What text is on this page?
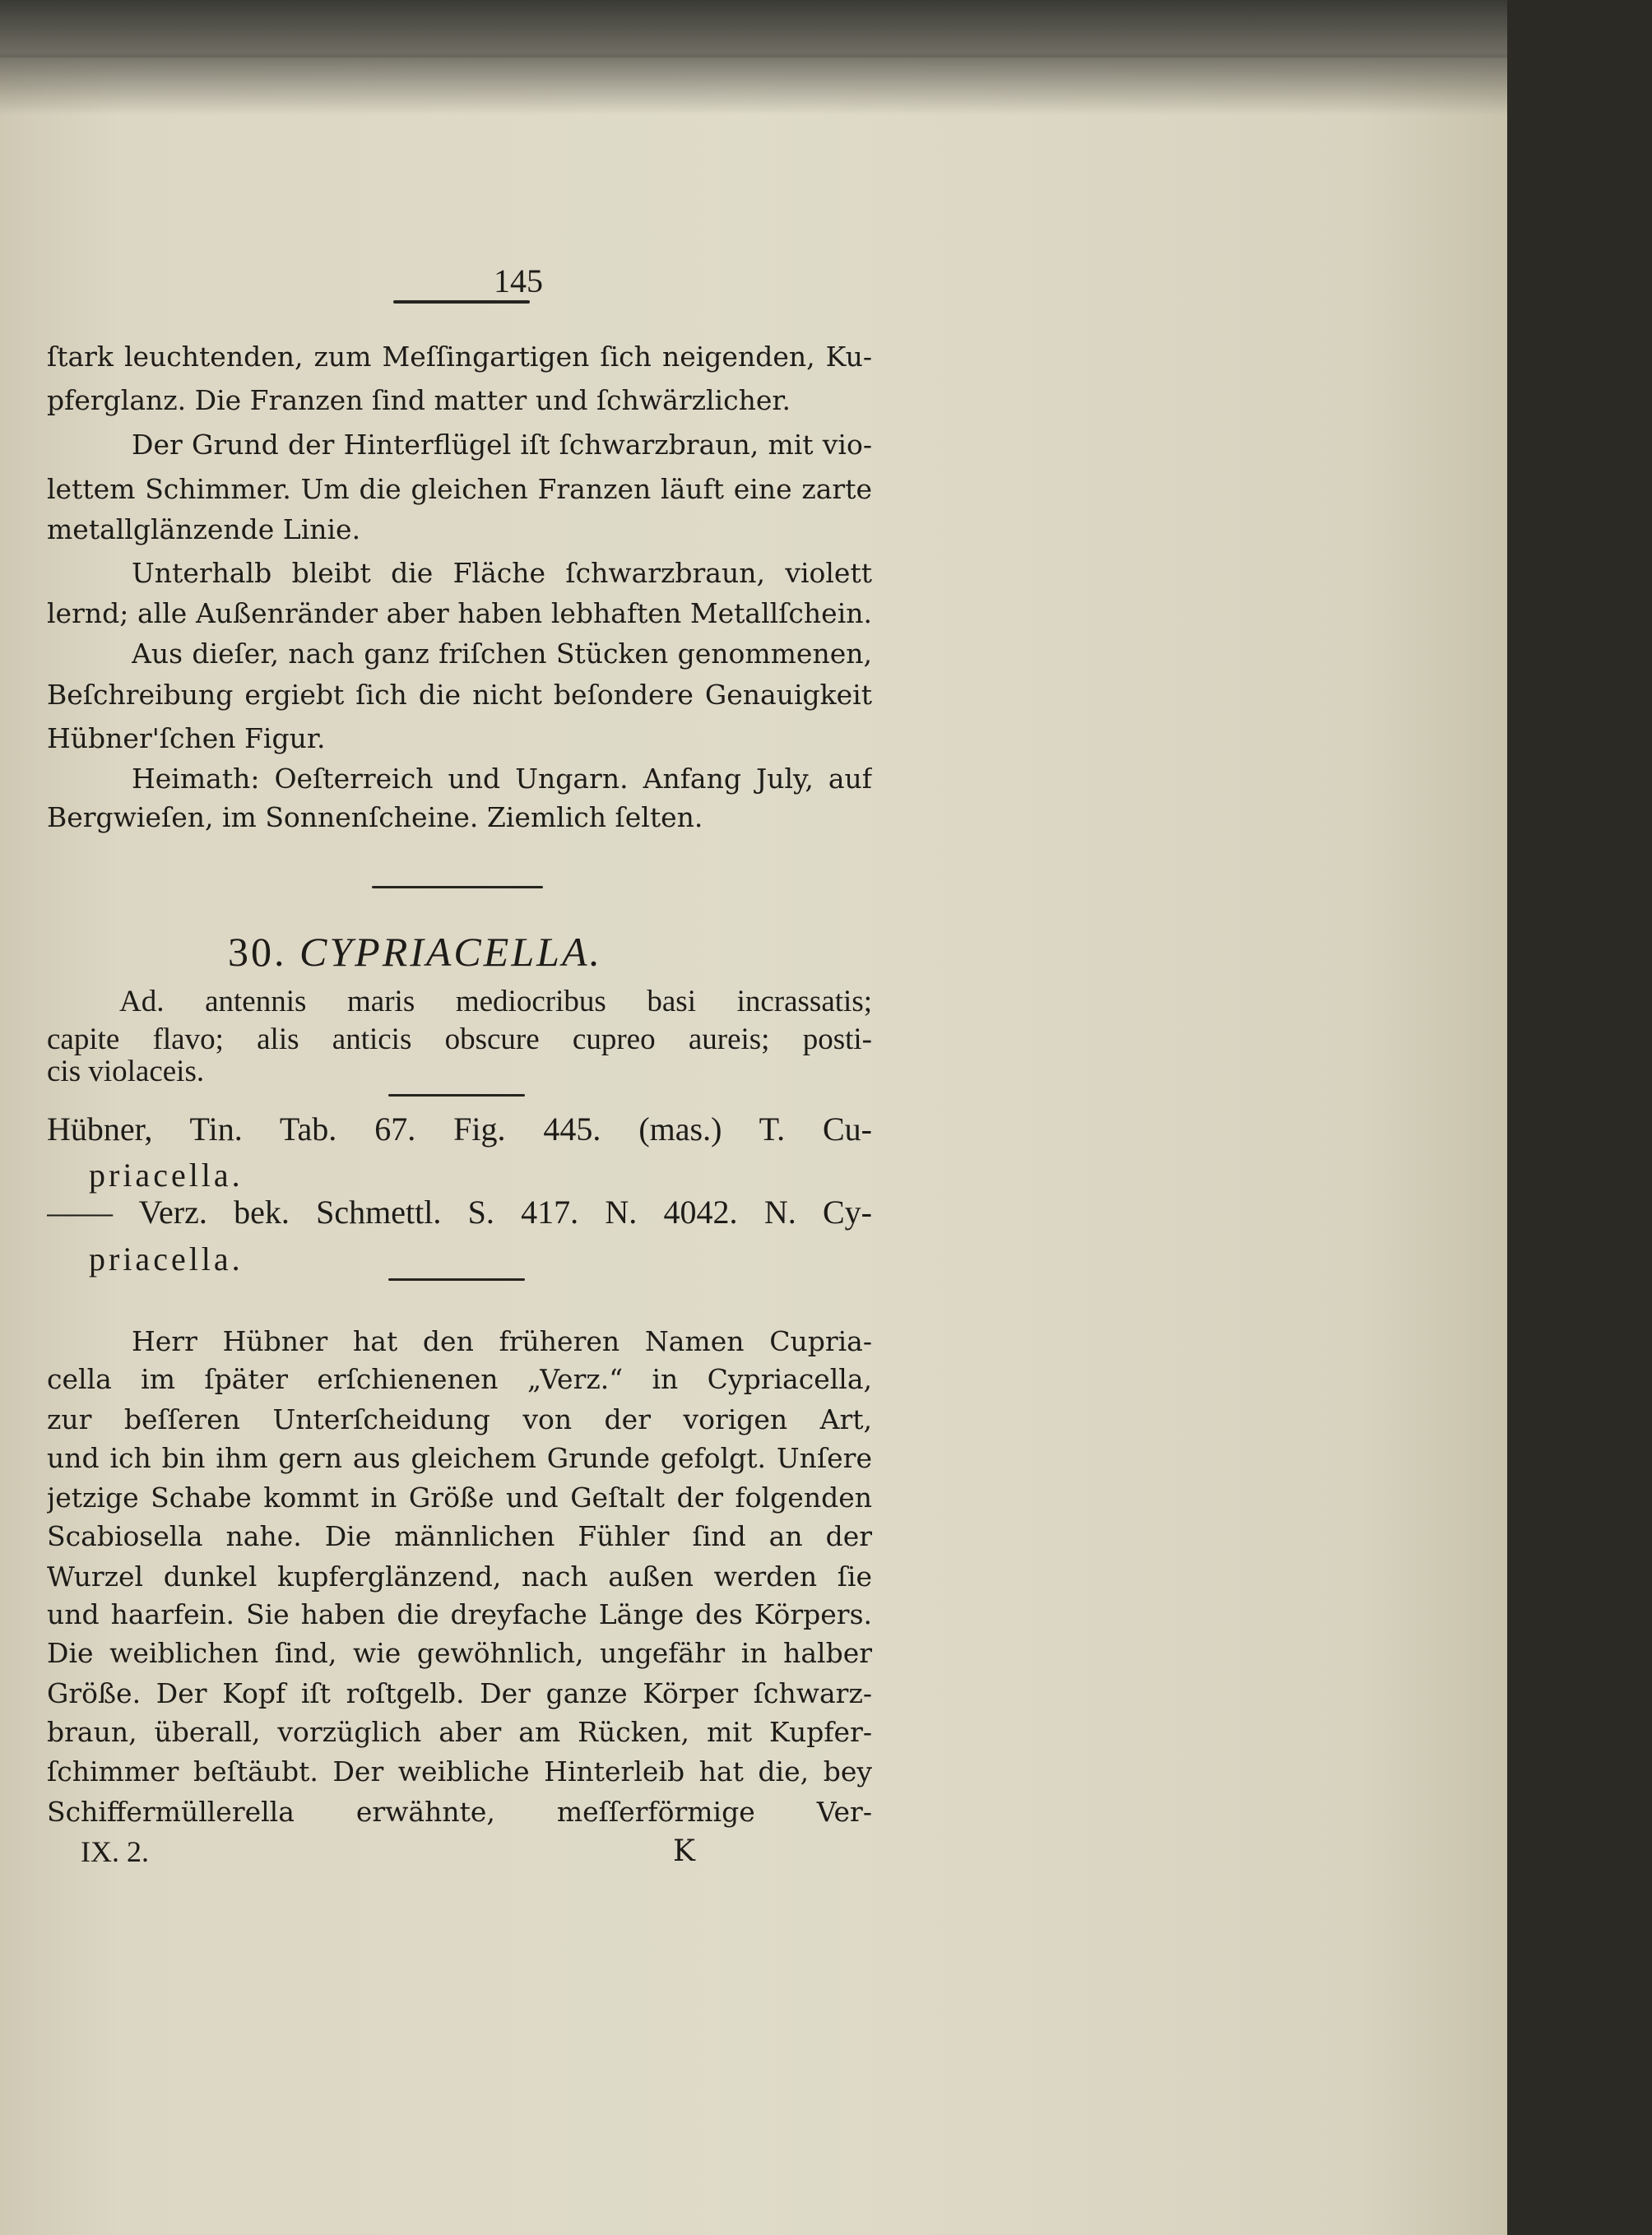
145
ſtark leuchtenden, zum Meſſingartigen ſich neigenden, Ku-
pferglanz. Die Franzen ſind matter und ſchwärzlicher.
Der Grund der Hinterflügel iſt ſchwarzbraun, mit vio-
lettem Schimmer. Um die gleichen Franzen läuft eine zarte
metallglänzende Linie.
Unterhalb bleibt die Fläche ſchwarzbraun, violett
lernd; alle Außenränder aber haben lebhaften Metallſchein.
Aus dieſer, nach ganz friſchen Stücken genommenen,
Beſchreibung ergiebt ſich die nicht beſondere Genauigkeit
Hübner'ſchen Figur.
Heimath: Oeſterreich und Ungarn. Anfang July, auf
Bergwieſen, im Sonnenſcheine. Ziemlich ſelten.
30. CYPRIACELLA.
Ad. antennis maris mediocribus basi incrassatis;
capite flavo; alis anticis obscure cupreo aureis; posti-
cis violaceis.
Hübner, Tin. Tab. 67. Fig. 445. (mas.) T. Cu-
priacella.
—— Verz. bek. Schmettl. S. 417. N. 4042. N. Cy-
priacella.
Herr Hübner hat den früheren Namen Cupria-
cella im ſpäter erſchienenen „Verz.“ in Cypriacella,
zur beſſeren Unterſcheidung von der vorigen Art,
und ich bin ihm gern aus gleichem Grunde gefolgt. Unſere
jetzige Schabe kommt in Größe und Geſtalt der folgenden
Scabiosella nahe. Die männlichen Fühler ſind an der
Wurzel dunkel kupferglänzend, nach außen werden ſie
und haarfein. Sie haben die dreyfache Länge des Körpers.
Die weiblichen ſind, wie gewöhnlich, ungefähr in halber
Größe. Der Kopf iſt roſtgelb. Der ganze Körper ſchwarz-
braun, überall, vorzüglich aber am Rücken, mit Kupfer-
ſchimmer beſtäubt. Der weibliche Hinterleib hat die, bey
Schiffermüllerella erwähnte, meſſerförmige Ver-
IX. 2.	K
